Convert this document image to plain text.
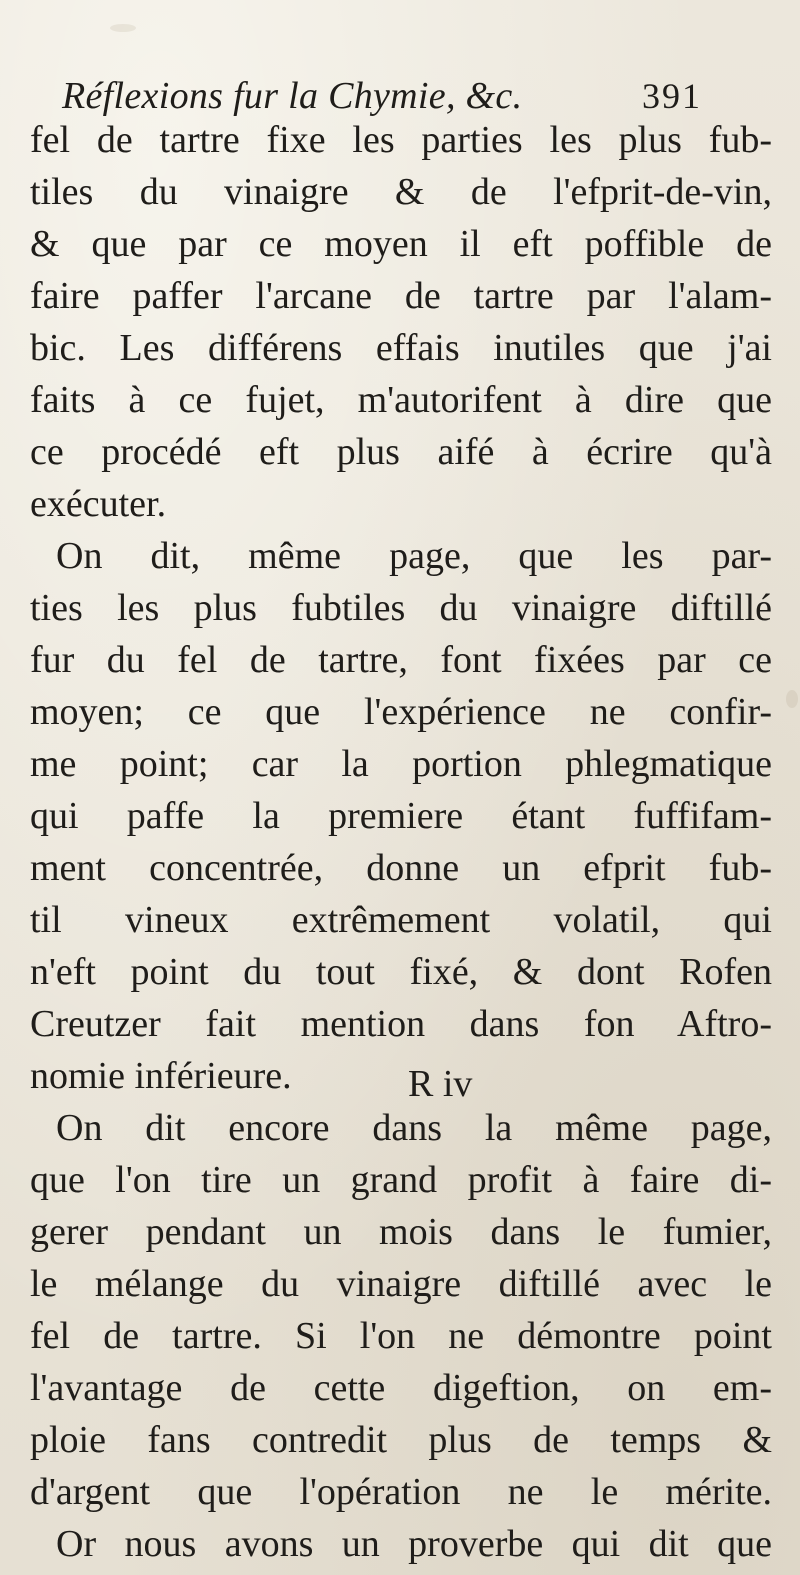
Réflexions fur la Chymie, &c.	391
fel de tartre fixe les parties les plus fub-
tiles du vinaigre & de l'efprit-de-vin,
& que par ce moyen il eft poffible de
faire paffer l'arcane de tartre par l'alam-
bic. Les différens effais inutiles que j'ai
faits à ce fujet, m'autorifent à dire que
ce procédé eft plus aifé à écrire qu'à
exécuter.
On dit, même page, que les par-
ties les plus fubtiles du vinaigre diftillé
fur du fel de tartre, font fixées par ce
moyen; ce que l'expérience ne confir-
me point; car la portion phlegmatique
qui paffe la premiere étant fuffifam-
ment concentrée, donne un efprit fub-
til vineux extrêmement volatil, qui
n'eft point du tout fixé, & dont Rofen
Creutzer fait mention dans fon Aftro-
nomie inférieure.
On dit encore dans la même page,
que l'on tire un grand profit à faire di-
gerer pendant un mois dans le fumier,
le mélange du vinaigre diftillé avec le
fel de tartre. Si l'on ne démontre point
l'avantage de cette digeftion, on em-
ploie fans contredit plus de temps &
d'argent que l'opération ne le mérite.
Or nous avons un proverbe qui dit que
R iv
